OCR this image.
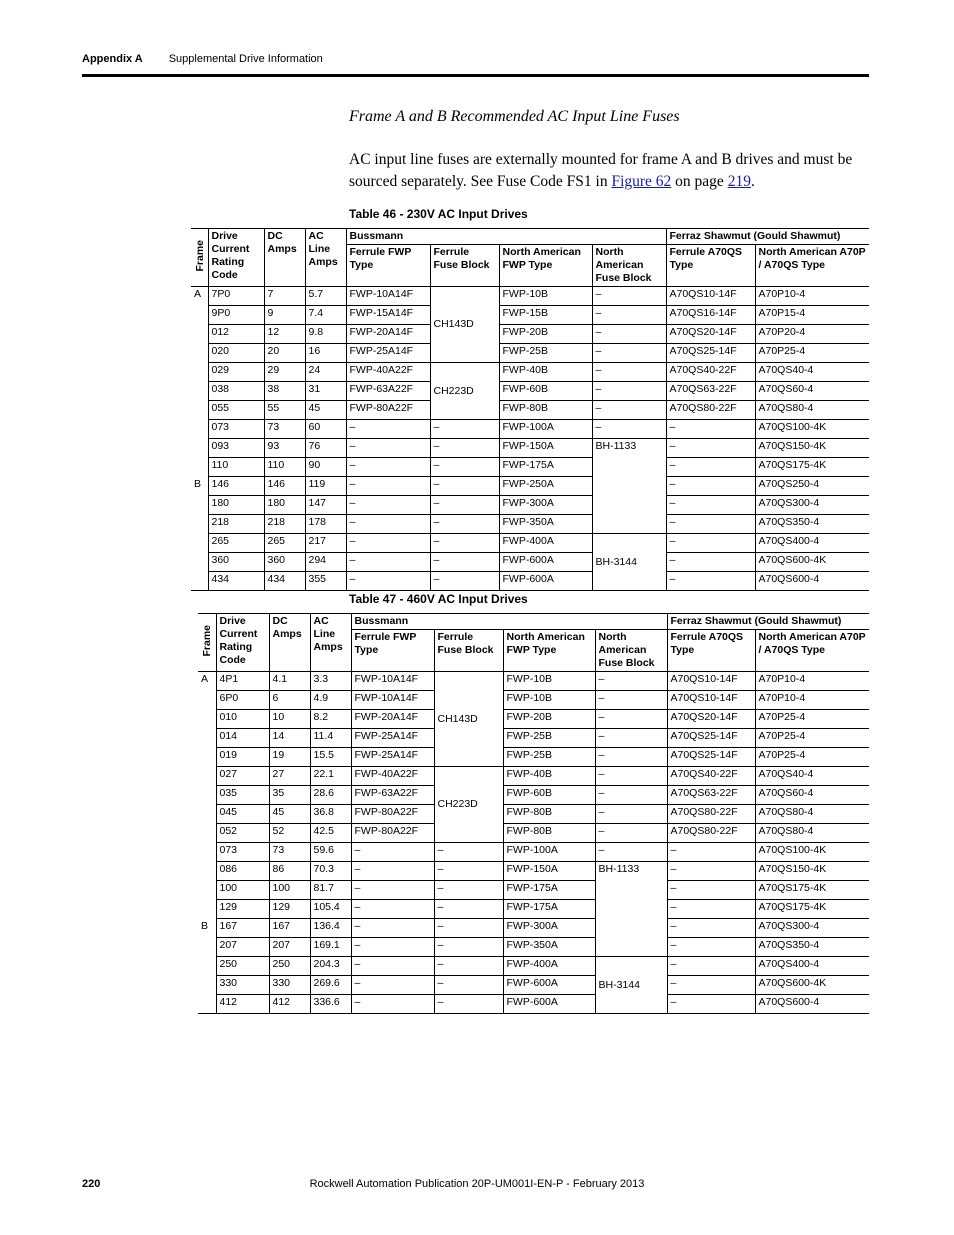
Appendix A Supplemental Drive Information
Frame A and B Recommended AC Input Line Fuses
AC input line fuses are externally mounted for frame A and B drives and must be sourced separately. See Fuse Code FS1 in Figure 62 on page 219.
Table 46 - 230V AC Input Drives
Frame	Drive Current Rating Code	DC Amps	AC Line Amps	Bussmann				Ferraz Shawmut (Gould Shawmut)	
				Ferrule FWP Type	Ferrule Fuse Block	North American FWP Type	North American Fuse Block	Ferrule A70QS Type	North American A70P / A70QS Type
A	7P0	7	5.7	FWP-10A14F	CH143D	FWP-10B	–	A70QS10-14F	A70P10-4
	9P0	9	7.4	FWP-15A14F		FWP-15B	–	A70QS16-14F	A70P15-4
	012	12	9.8	FWP-20A14F		FWP-20B	–	A70QS20-14F	A70P20-4
	020	20	16	FWP-25A14F		FWP-25B	–	A70QS25-14F	A70P25-4
	029	29	24	FWP-40A22F	CH223D	FWP-40B	–	A70QS40-22F	A70QS40-4
	038	38	31	FWP-63A22F		FWP-60B	–	A70QS63-22F	A70QS60-4
	055	55	45	FWP-80A22F		FWP-80B	–	A70QS80-22F	A70QS80-4
	073	73	60	–	–	FWP-100A	–	–	A70QS100-4K
	093	93	76	–	–	FWP-150A	BH-1133	–	A70QS150-4K
	110	110	90	–	–	FWP-175A		–	A70QS175-4K
B	146	146	119	–	–	FWP-250A		–	A70QS250-4
	180	180	147	–	–	FWP-300A		–	A70QS300-4
	218	218	178	–	–	FWP-350A		–	A70QS350-4
	265	265	217	–	–	FWP-400A	BH-3144	–	A70QS400-4
	360	360	294	–	–	FWP-600A		–	A70QS600-4K
	434	434	355	–	–	FWP-600A		–	A70QS600-4
Table 47 - 460V AC Input Drives
Frame	Drive Current Rating Code	DC Amps	AC Line Amps	Bussmann				Ferraz Shawmut (Gould Shawmut)	
				Ferrule FWP Type	Ferrule Fuse Block	North American FWP Type	North American Fuse Block	Ferrule A70QS Type	North American A70P / A70QS Type
A	4P1	4.1	3.3	FWP-10A14F	CH143D	FWP-10B	–	A70QS10-14F	A70P10-4
	6P0	6	4.9	FWP-10A14F		FWP-10B	–	A70QS10-14F	A70P10-4
	010	10	8.2	FWP-20A14F		FWP-20B	–	A70QS20-14F	A70P25-4
	014	14	11.4	FWP-25A14F		FWP-25B	–	A70QS25-14F	A70P25-4
	019	19	15.5	FWP-25A14F		FWP-25B	–	A70QS25-14F	A70P25-4
	027	27	22.1	FWP-40A22F	CH223D	FWP-40B	–	A70QS40-22F	A70QS40-4
	035	35	28.6	FWP-63A22F		FWP-60B	–	A70QS63-22F	A70QS60-4
	045	45	36.8	FWP-80A22F		FWP-80B	–	A70QS80-22F	A70QS80-4
	052	52	42.5	FWP-80A22F		FWP-80B	–	A70QS80-22F	A70QS80-4
	073	73	59.6	–	–	FWP-100A	–	–	A70QS100-4K
	086	86	70.3	–	–	FWP-150A	BH-1133	–	A70QS150-4K
	100	100	81.7	–	–	FWP-175A		–	A70QS175-4K
	129	129	105.4	–	–	FWP-175A		–	A70QS175-4K
B	167	167	136.4	–	–	FWP-300A		–	A70QS300-4
	207	207	169.1	–	–	FWP-350A		–	A70QS350-4
	250	250	204.3	–	–	FWP-400A	BH-3144	–	A70QS400-4
	330	330	269.6	–	–	FWP-600A		–	A70QS600-4K
	412	412	336.6	–	–	FWP-600A		–	A70QS600-4
220	Rockwell Automation Publication 20P-UM001I-EN-P - February 2013
